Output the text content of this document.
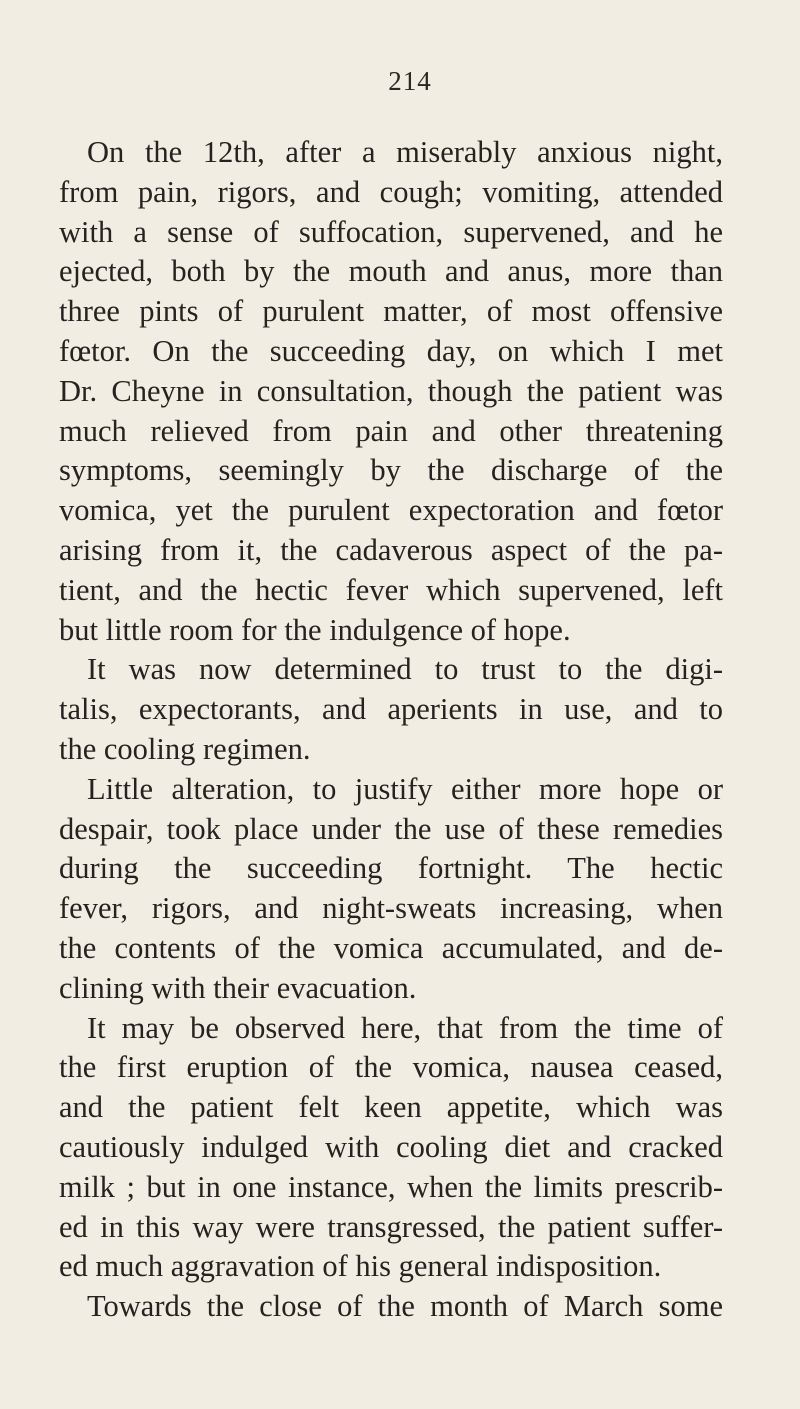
214
On the 12th, after a miserably anxious night,
from pain, rigors, and cough; vomiting, attended
with a sense of suffocation, supervened, and he
ejected, both by the mouth and anus, more than
three pints of purulent matter, of most offensive
fœtor. On the succeeding day, on which I met
Dr. Cheyne in consultation, though the patient was
much relieved from pain and other threatening
symptoms, seemingly by the discharge of the
vomica, yet the purulent expectoration and fœtor
arising from it, the cadaverous aspect of the pa-
tient, and the hectic fever which supervened, left
but little room for the indulgence of hope.
It was now determined to trust to the digi-
talis, expectorants, and aperients in use, and to
the cooling regimen.
Little alteration, to justify either more hope or
despair, took place under the use of these remedies
during the succeeding fortnight. The hectic
fever, rigors, and night-sweats increasing, when
the contents of the vomica accumulated, and de-
clining with their evacuation.
It may be observed here, that from the time of
the first eruption of the vomica, nausea ceased,
and the patient felt keen appetite, which was
cautiously indulged with cooling diet and cracked
milk ; but in one instance, when the limits prescrib-
ed in this way were transgressed, the patient suffer-
ed much aggravation of his general indisposition.
Towards the close of the month of March some
